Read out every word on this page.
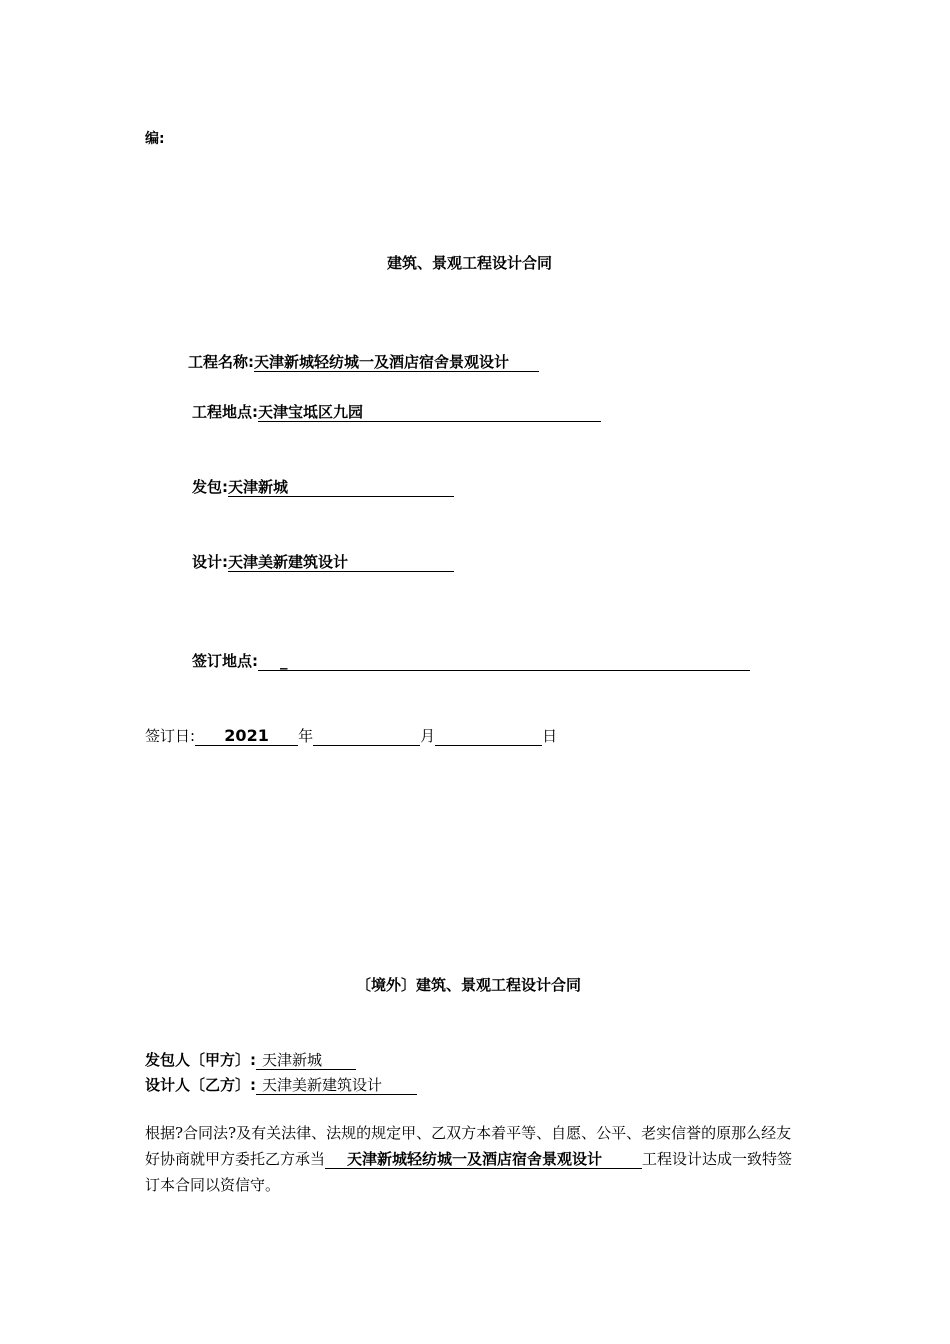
编:
建筑、景观工程设计合同
工程名称: 天津新城轻纺城一及酒店宿舍景观设计
工程地点: 天津宝坻区九园
发包: 天津新城
设计: 天津美新建筑设计
签订地点:	_
签订日:	2021	年	月	日
〔境外〕建筑、景观工程设计合同
发包人〔甲方〕: 天津新城
设计人〔乙方〕: 天津美新建筑设计
根据?合同法?及有关法律、法规的规定甲、乙双方本着平等、自愿、公平、老实信誉的原那么经友好协商就甲方委托乙方承当 天津新城轻纺城一及酒店宿舍景观设计	工程设计达成一致特签订本合同以资信守。
